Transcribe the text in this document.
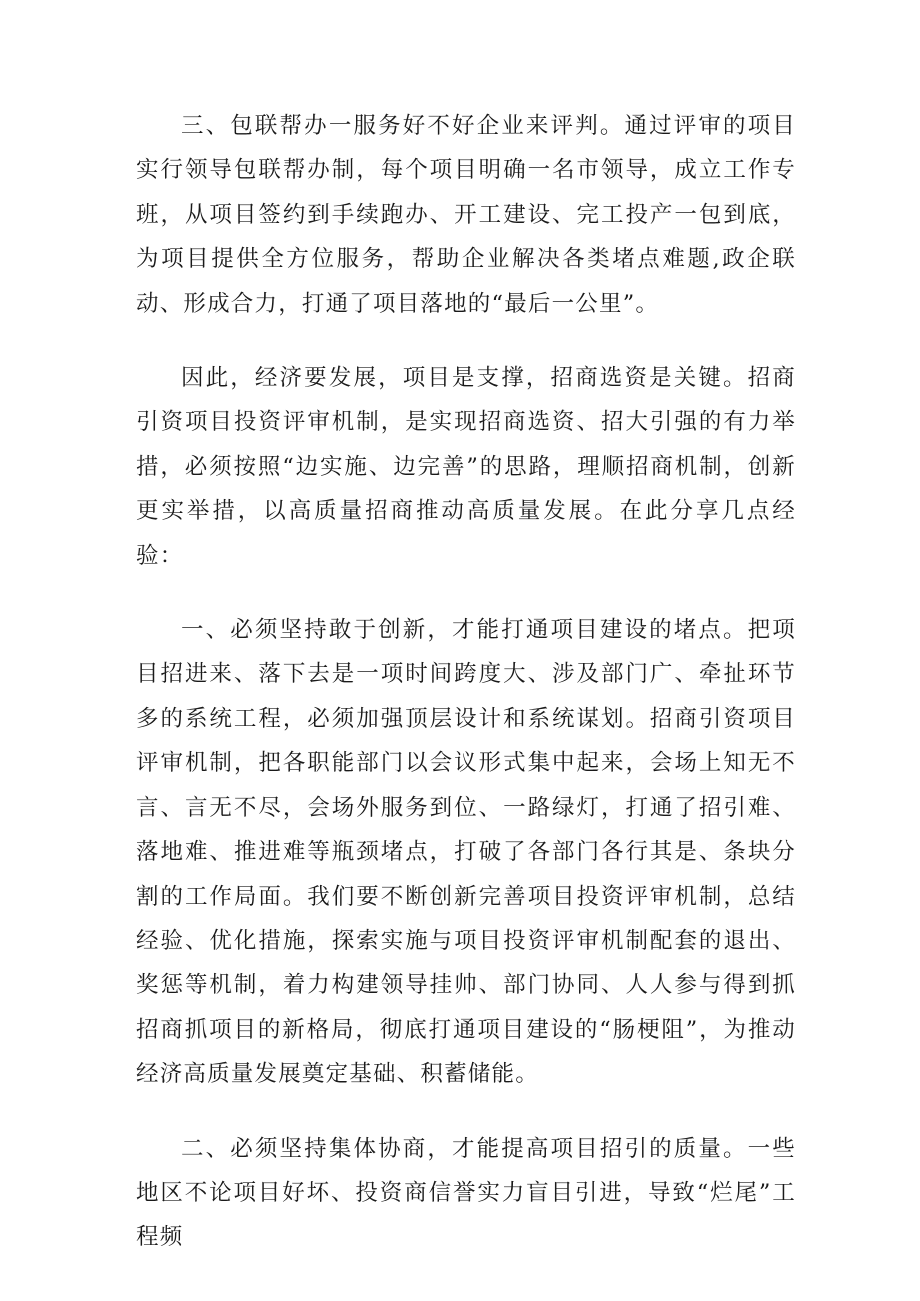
三、包联帮办一服务好不好企业来评判。通过评审的项目实行领导包联帮办制，每个项目明确一名市领导，成立工作专班，从项目签约到手续跑办、开工建设、完工投产一包到底，为项目提供全方位服务，帮助企业解决各类堵点难题,政企联动、形成合力，打通了项目落地的“最后一公里”。

因此，经济要发展，项目是支撑，招商选资是关键。招商引资项目投资评审机制，是实现招商选资、招大引强的有力举措，必须按照“边实施、边完善”的思路，理顺招商机制，创新更实举措，以高质量招商推动高质量发展。在此分享几点经验：

一、必须坚持敢于创新，才能打通项目建设的堵点。把项目招进来、落下去是一项时间跨度大、涉及部门广、牵扯环节多的系统工程，必须加强顶层设计和系统谋划。招商引资项目评审机制，把各职能部门以会议形式集中起来，会场上知无不言、言无不尽，会场外服务到位、一路绿灯，打通了招引难、落地难、推进难等瓶颈堵点，打破了各部门各行其是、条块分割的工作局面。我们要不断创新完善项目投资评审机制，总结经验、优化措施，探索实施与项目投资评审机制配套的退出、奖惩等机制，着力构建领导挂帅、部门协同、人人参与得到抓招商抓项目的新格局，彻底打通项目建设的“肠梗阻”，为推动经济高质量发展奠定基础、积蓄储能。

二、必须坚持集体协商，才能提高项目招引的质量。一些地区不论项目好坏、投资商信誉实力盲目引进，导致“烂尾”工程频
